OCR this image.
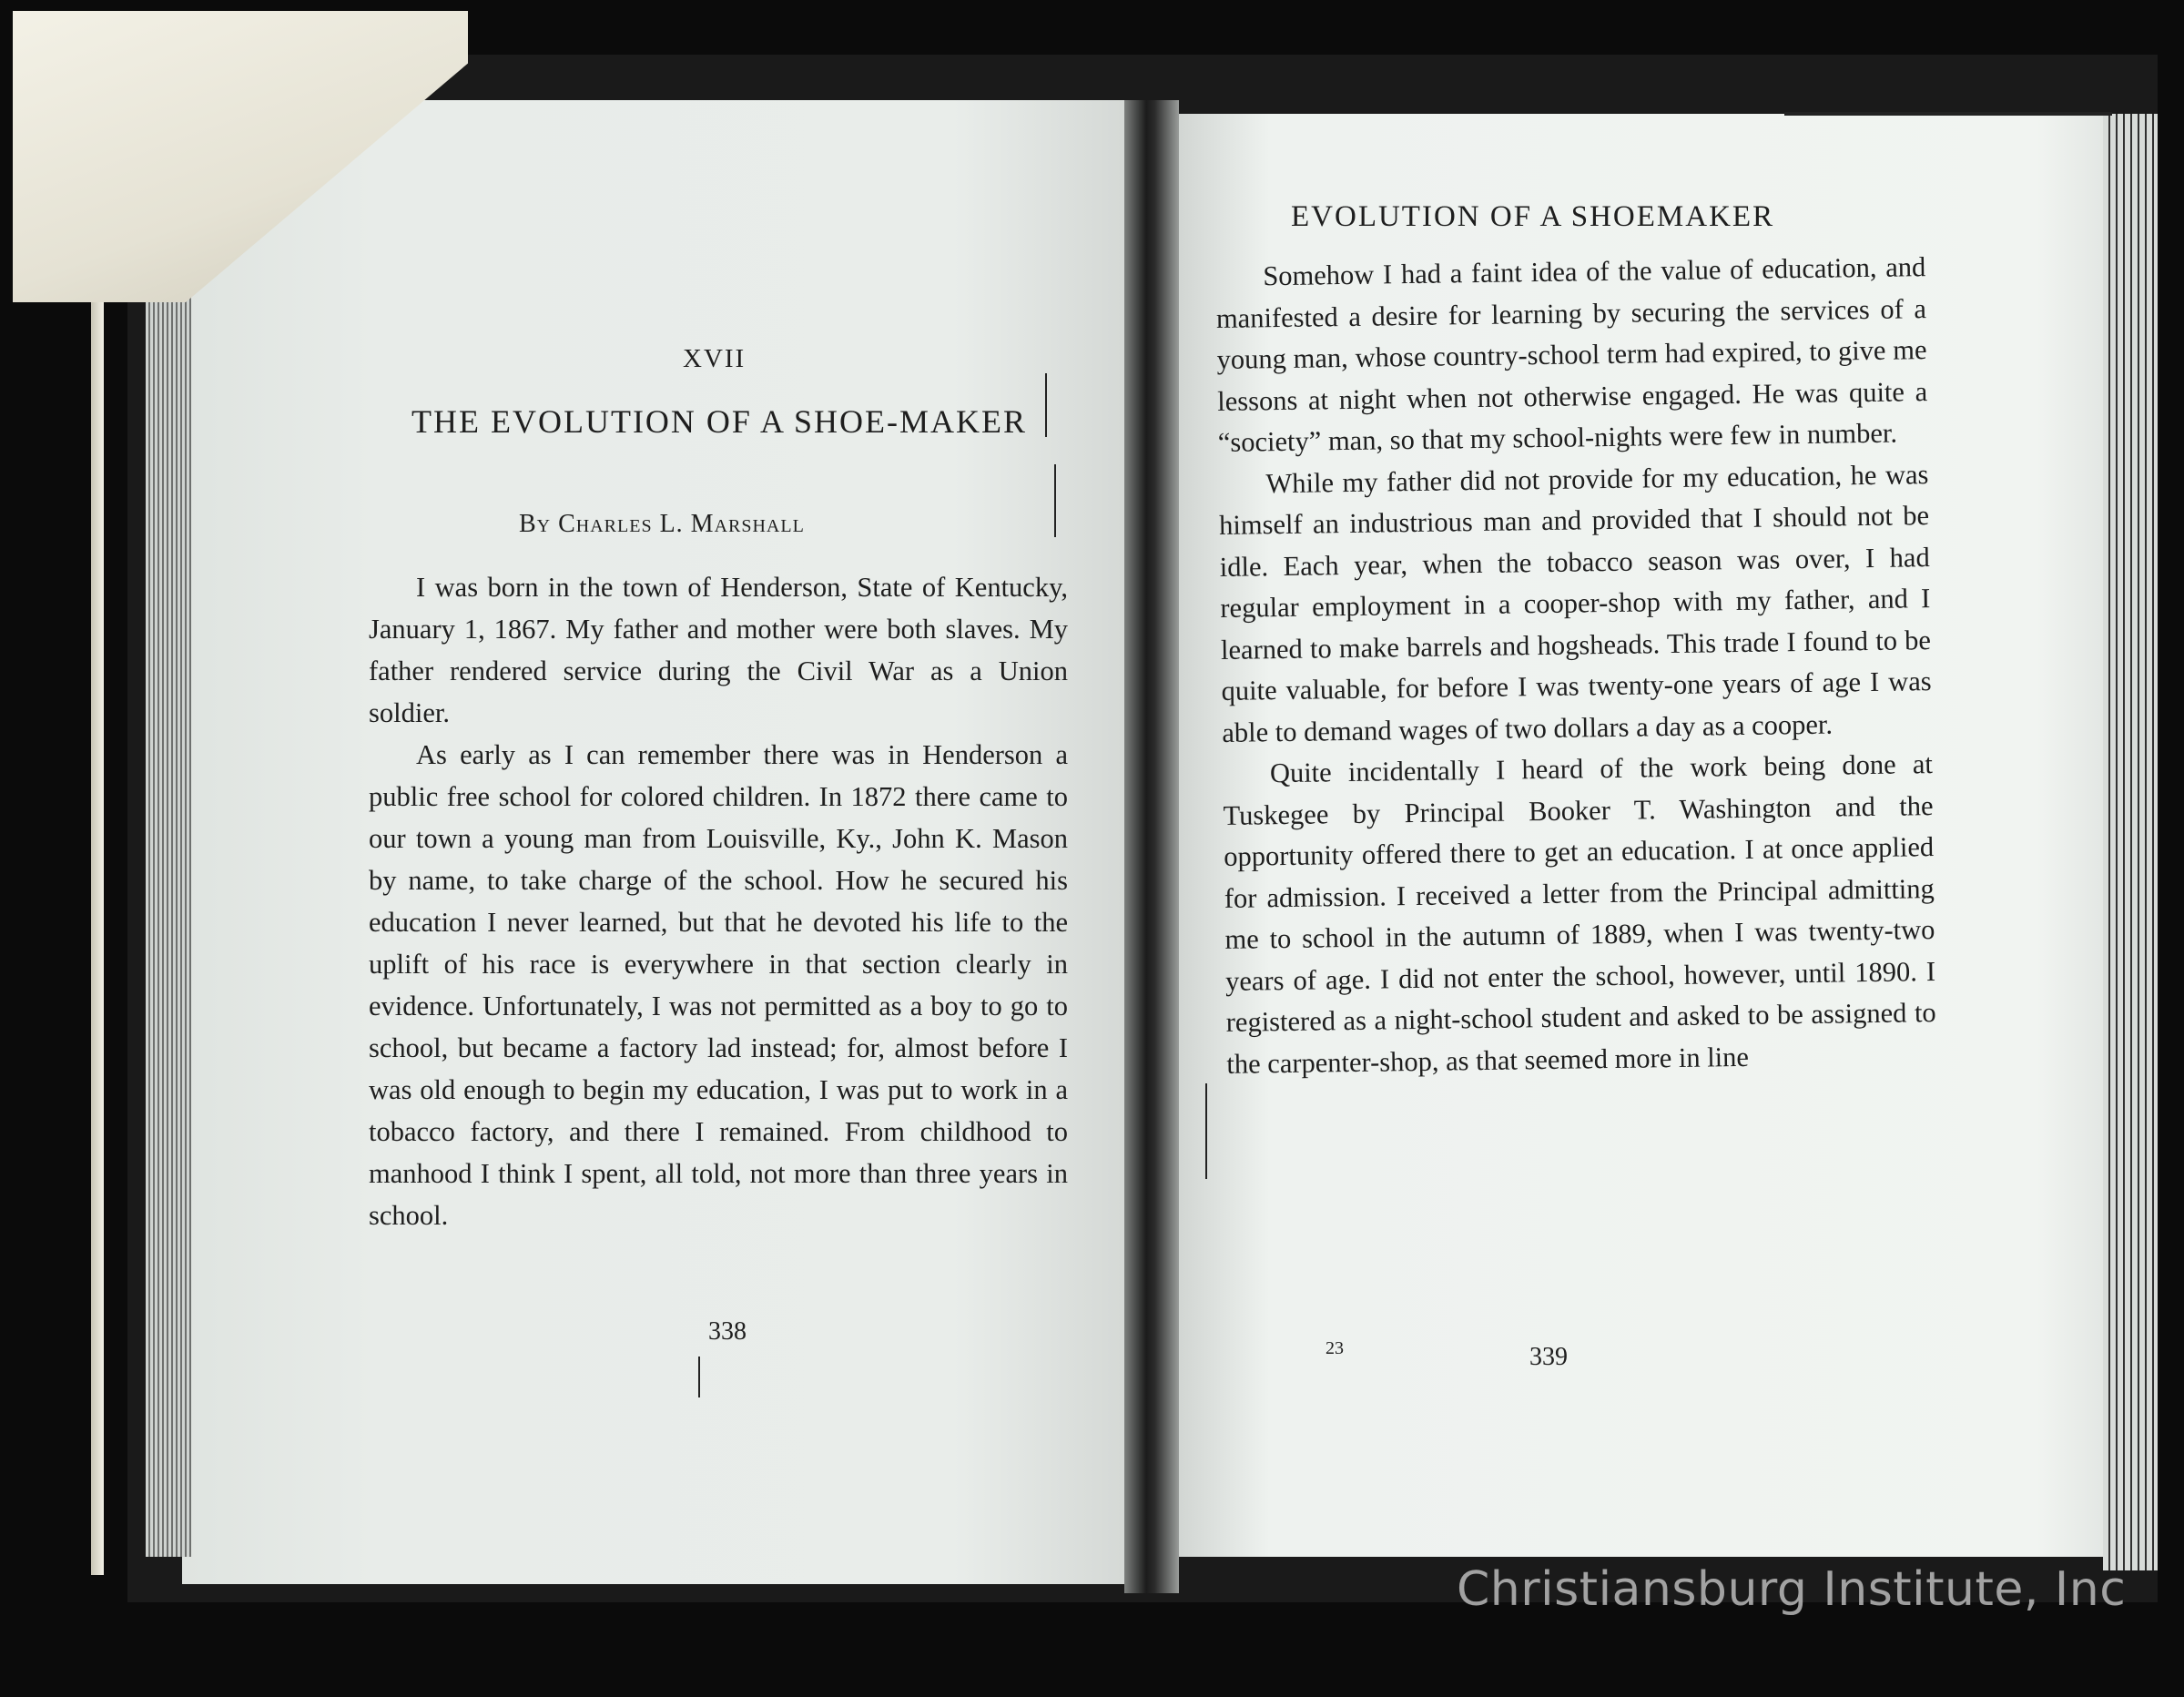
XVII
THE EVOLUTION OF A SHOE-MAKER
By Charles L. Marshall

I was born in the town of Henderson, State of Kentucky, January 1, 1867. My father and mother were both slaves. My father rendered service during the Civil War as a Union soldier.

As early as I can remember there was in Henderson a public free school for colored children. In 1872 there came to our town a young man from Louisville, Ky., John K. Mason by name, to take charge of the school. How he secured his education I never learned, but that he devoted his life to the uplift of his race is everywhere in that section clearly in evidence. Unfortunately, I was not permitted as a boy to go to school, but became a factory lad instead; for, almost before I was old enough to begin my education, I was put to work in a tobacco factory, and there I remained. From childhood to manhood I think I spent, all told, not more than three years in school.

338
EVOLUTION OF A SHOEMAKER

Somehow I had a faint idea of the value of education, and manifested a desire for learning by securing the services of a young man, whose country-school term had expired, to give me lessons at night when not otherwise engaged. He was quite a “society” man, so that my school-nights were few in number.

While my father did not provide for my education, he was himself an industrious man and provided that I should not be idle. Each year, when the tobacco season was over, I had regular employment in a cooper-shop with my father, and I learned to make barrels and hogsheads. This trade I found to be quite valuable, for before I was twenty-one years of age I was able to demand wages of two dollars a day as a cooper.

Quite incidentally I heard of the work being done at Tuskegee by Principal Booker T. Washington and the opportunity offered there to get an education. I at once applied for admission. I received a letter from the Principal admitting me to school in the autumn of 1889, when I was twenty-two years of age. I did not enter the school, however, until 1890. I registered as a night-school student and asked to be assigned to the carpenter-shop, as that seemed more in line

23	339
Christiansburg Institute, Inc
